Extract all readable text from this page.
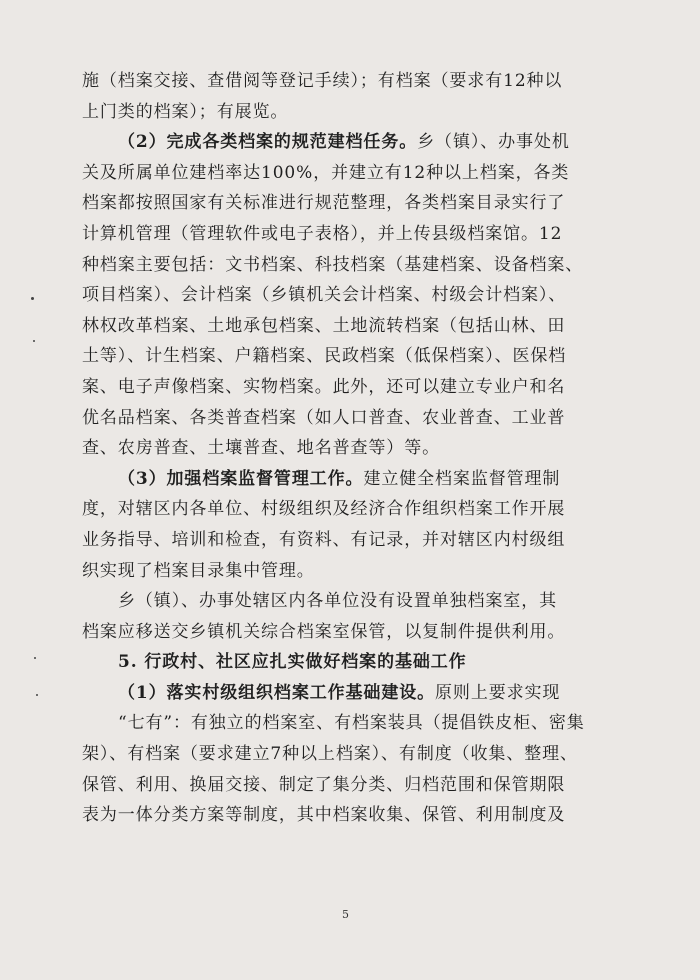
施（档案交接、查借阅等登记手续）；有档案（要求有12种以
上门类的档案）；有展览。
（2）完成各类档案的规范建档任务。乡（镇）、办事处机
关及所属单位建档率达100%，并建立有12种以上档案，各类
档案都按照国家有关标准进行规范整理，各类档案目录实行了
计算机管理（管理软件或电子表格），并上传县级档案馆。12
种档案主要包括：文书档案、科技档案（基建档案、设备档案、
项目档案）、会计档案（乡镇机关会计档案、村级会计档案）、
林权改革档案、土地承包档案、土地流转档案（包括山林、田
土等）、计生档案、户籍档案、民政档案（低保档案）、医保档
案、电子声像档案、实物档案。此外，还可以建立专业户和名
优名品档案、各类普查档案（如人口普查、农业普查、工业普
查、农房普查、土壤普查、地名普查等）等。
（3）加强档案监督管理工作。建立健全档案监督管理制
度，对辖区内各单位、村级组织及经济合作组织档案工作开展
业务指导、培训和检查，有资料、有记录，并对辖区内村级组
织实现了档案目录集中管理。
乡（镇）、办事处辖区内各单位没有设置单独档案室，其
档案应移送交乡镇机关综合档案室保管，以复制件提供利用。
5. 行政村、社区应扎实做好档案的基础工作
（1）落实村级组织档案工作基础建设。原则上要求实现
“七有”：有独立的档案室、有档案装具（提倡铁皮柜、密集
架）、有档案（要求建立7种以上档案）、有制度（收集、整理、
保管、利用、换届交接、制定了集分类、归档范围和保管期限
表为一体分类方案等制度，其中档案收集、保管、利用制度及
5
